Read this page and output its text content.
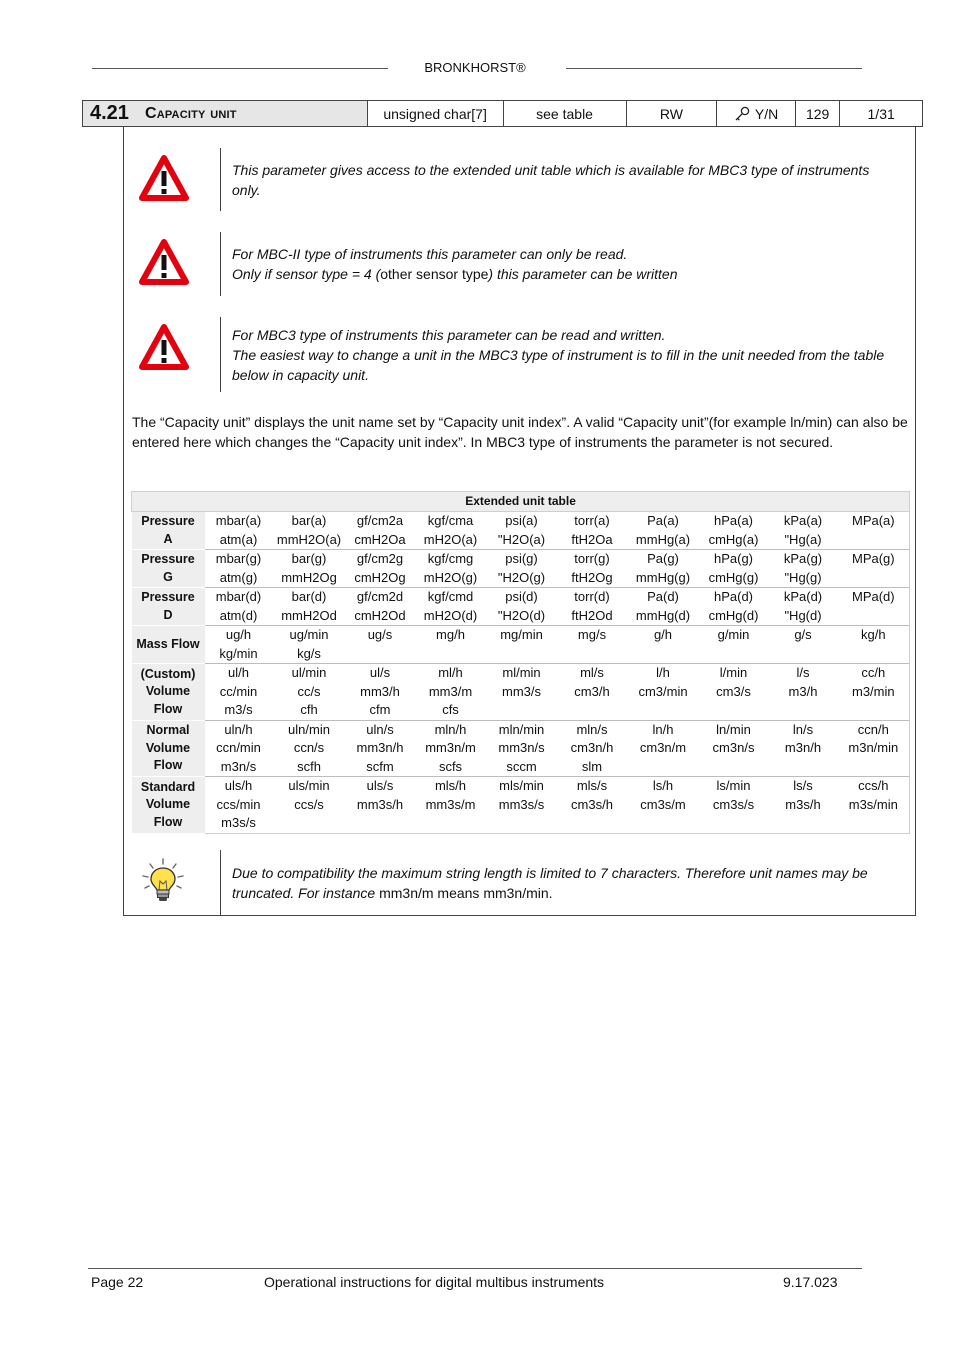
BRONKHORST®
4.21 Capacity unit	unsigned char[7]	see table	RW	Y/N	129	1/31
This parameter gives access to the extended unit table which is available for MBC3 type of instruments only.
For MBC-II type of instruments this parameter can only be read.
Only if sensor type = 4 (other sensor type) this parameter can be written
For MBC3 type of instruments this parameter can be read and written.
The easiest way to change a unit in the MBC3 type of instrument is to fill in the unit needed from the table below in capacity unit.
The “Capacity unit” displays the unit name set by “Capacity unit index”. A valid “Capacity unit”(for example ln/min) can also be entered here which changes the “Capacity unit index”. In MBC3 type of instruments the parameter is not secured.
Extended unit table										

Pressure
A	mbar(a)	bar(a)	gf/cm2a	kgf/cma	psi(a)	torr(a)	Pa(a)	hPa(a)	kPa(a)	MPa(a)
	atm(a)	mmH2O(a)	cmH2Oa	mH2O(a)	"H2O(a)	ftH2Oa	mmHg(a)	cmHg(a)	"Hg(a)	

Pressure
G	mbar(g)	bar(g)	gf/cm2g	kgf/cmg	psi(g)	torr(g)	Pa(g)	hPa(g)	kPa(g)	MPa(g)
	atm(g)	mmH2Og	cmH2Og	mH2O(g)	"H2O(g)	ftH2Og	mmHg(g)	cmHg(g)	"Hg(g)	

Pressure
D	mbar(d)	bar(d)	gf/cm2d	kgf/cmd	psi(d)	torr(d)	Pa(d)	hPa(d)	kPa(d)	MPa(d)
	atm(d)	mmH2Od	cmH2Od	mH2O(d)	"H2O(d)	ftH2Od	mmHg(d)	cmHg(d)	"Hg(d)	

Mass Flow	ug/h	ug/min	ug/s	mg/h	mg/min	mg/s	g/h	g/min	g/s	kg/h
	kg/min	kg/s								

(Custom)
Volume
Flow	ul/h	ul/min	ul/s	ml/h	ml/min	ml/s	l/h	l/min	l/s	cc/h
	cc/min	cc/s	mm3/h	mm3/m	mm3/s	cm3/h	cm3/min	cm3/s	m3/h	m3/min
	m3/s	cfh	cfm	cfs						

Normal
Volume
Flow	uln/h	uln/min	uln/s	mln/h	mln/min	mln/s	ln/h	ln/min	ln/s	ccn/h
	ccn/min	ccn/s	mm3n/h	mm3n/m	mm3n/s	cm3n/h	cm3n/m	cm3n/s	m3n/h	m3n/min
	m3n/s	scfh	scfm	scfs	sccm	slm				

Standard
Volume
Flow	uls/h	uls/min	uls/s	mls/h	mls/min	mls/s	ls/h	ls/min	ls/s	ccs/h
	ccs/min	ccs/s	mm3s/h	mm3s/m	mm3s/s	cm3s/h	cm3s/m	cm3s/s	m3s/h	m3s/min
	m3s/s									
Due to compatibility the maximum string length is limited to 7 characters. Therefore unit names may be truncated. For instance mm3n/m means mm3n/min.
Page 22	Operational instructions for digital multibus instruments	9.17.023
